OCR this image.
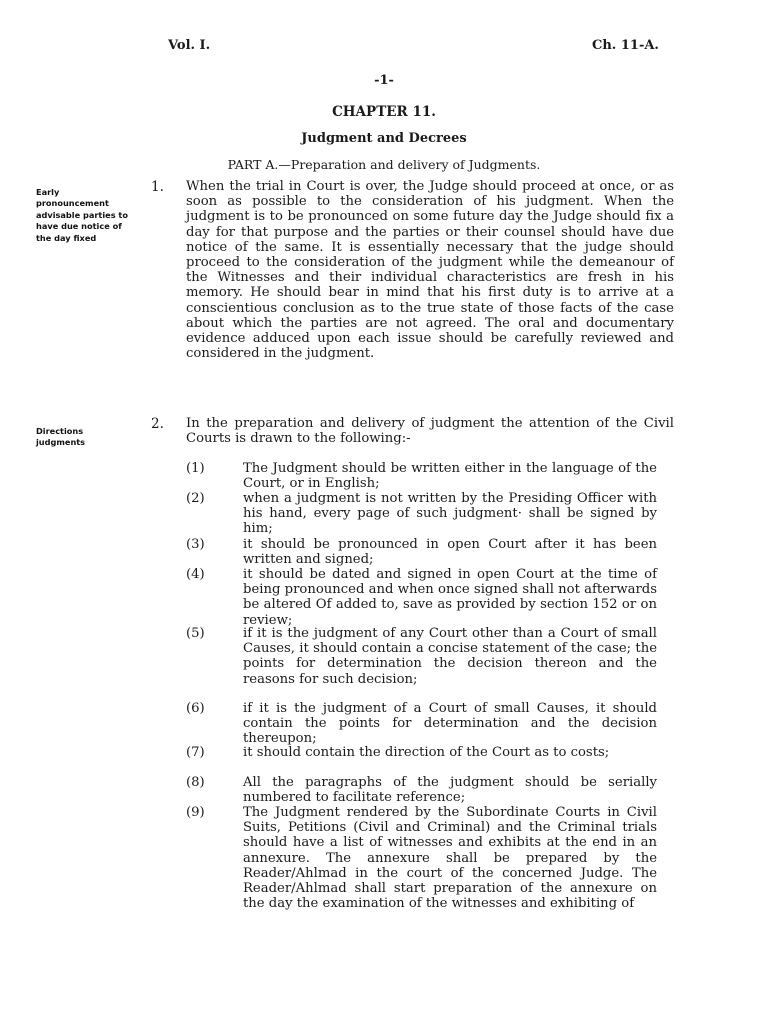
Vol. I.	Ch. 11-A.
-1-
CHAPTER 11.
Judgment and Decrees
PART A.—Preparation and delivery of Judgments.
Early pronouncement advisable parties to have due notice of the day fixed
Directions judgments
1. When the trial in Court is over, the Judge should proceed at once, or as soon as possible to the consideration of his judgment. When the judgment is to be pronounced on some future day the Judge should fix a day for that purpose and the parties or their counsel should have due notice of the same. It is essentially necessary that the judge should proceed to the consideration of the judgment while the demeanour of the Witnesses and their individual characteristics are fresh in his memory. He should bear in mind that his first duty is to arrive at a conscientious conclusion as to the true state of those facts of the case about which the parties are not agreed. The oral and documentary evidence adduced upon each issue should be carefully reviewed and considered in the judgment.
2. In the preparation and delivery of judgment the attention of the Civil Courts is drawn to the following:-
(1)	The Judgment should be written either in the language of the Court, or in English;
(2)	when a judgment is not written by the Presiding Officer with his hand, every page of such judgment· shall be signed by him;
(3)	it should be pronounced in open Court after it has been written and signed;
(4)	it should be dated and signed in open Court at the time of being pronounced and when once signed shall not afterwards be altered Of added to, save as provided by section 152 or on review;
(5)	if it is the judgment of any Court other than a Court of small Causes, it should contain a concise statement of the case; the points for determination the decision thereon and the reasons for such decision;
(6)	if it is the judgment of a Court of small Causes, it should contain the points for determination and the decision thereupon;
(7)	it should contain the direction of the Court as to costs;
(8)	All the paragraphs of the judgment should be serially numbered to facilitate reference;
(9)	The Judgment rendered by the Subordinate Courts in Civil Suits, Petitions (Civil and Criminal) and the Criminal trials should have a list of witnesses and exhibits at the end in an annexure. The annexure shall be prepared by the Reader/Ahlmad in the court of the concerned Judge. The Reader/Ahlmad shall start preparation of the annexure on the day the examination of the witnesses and exhibiting of
